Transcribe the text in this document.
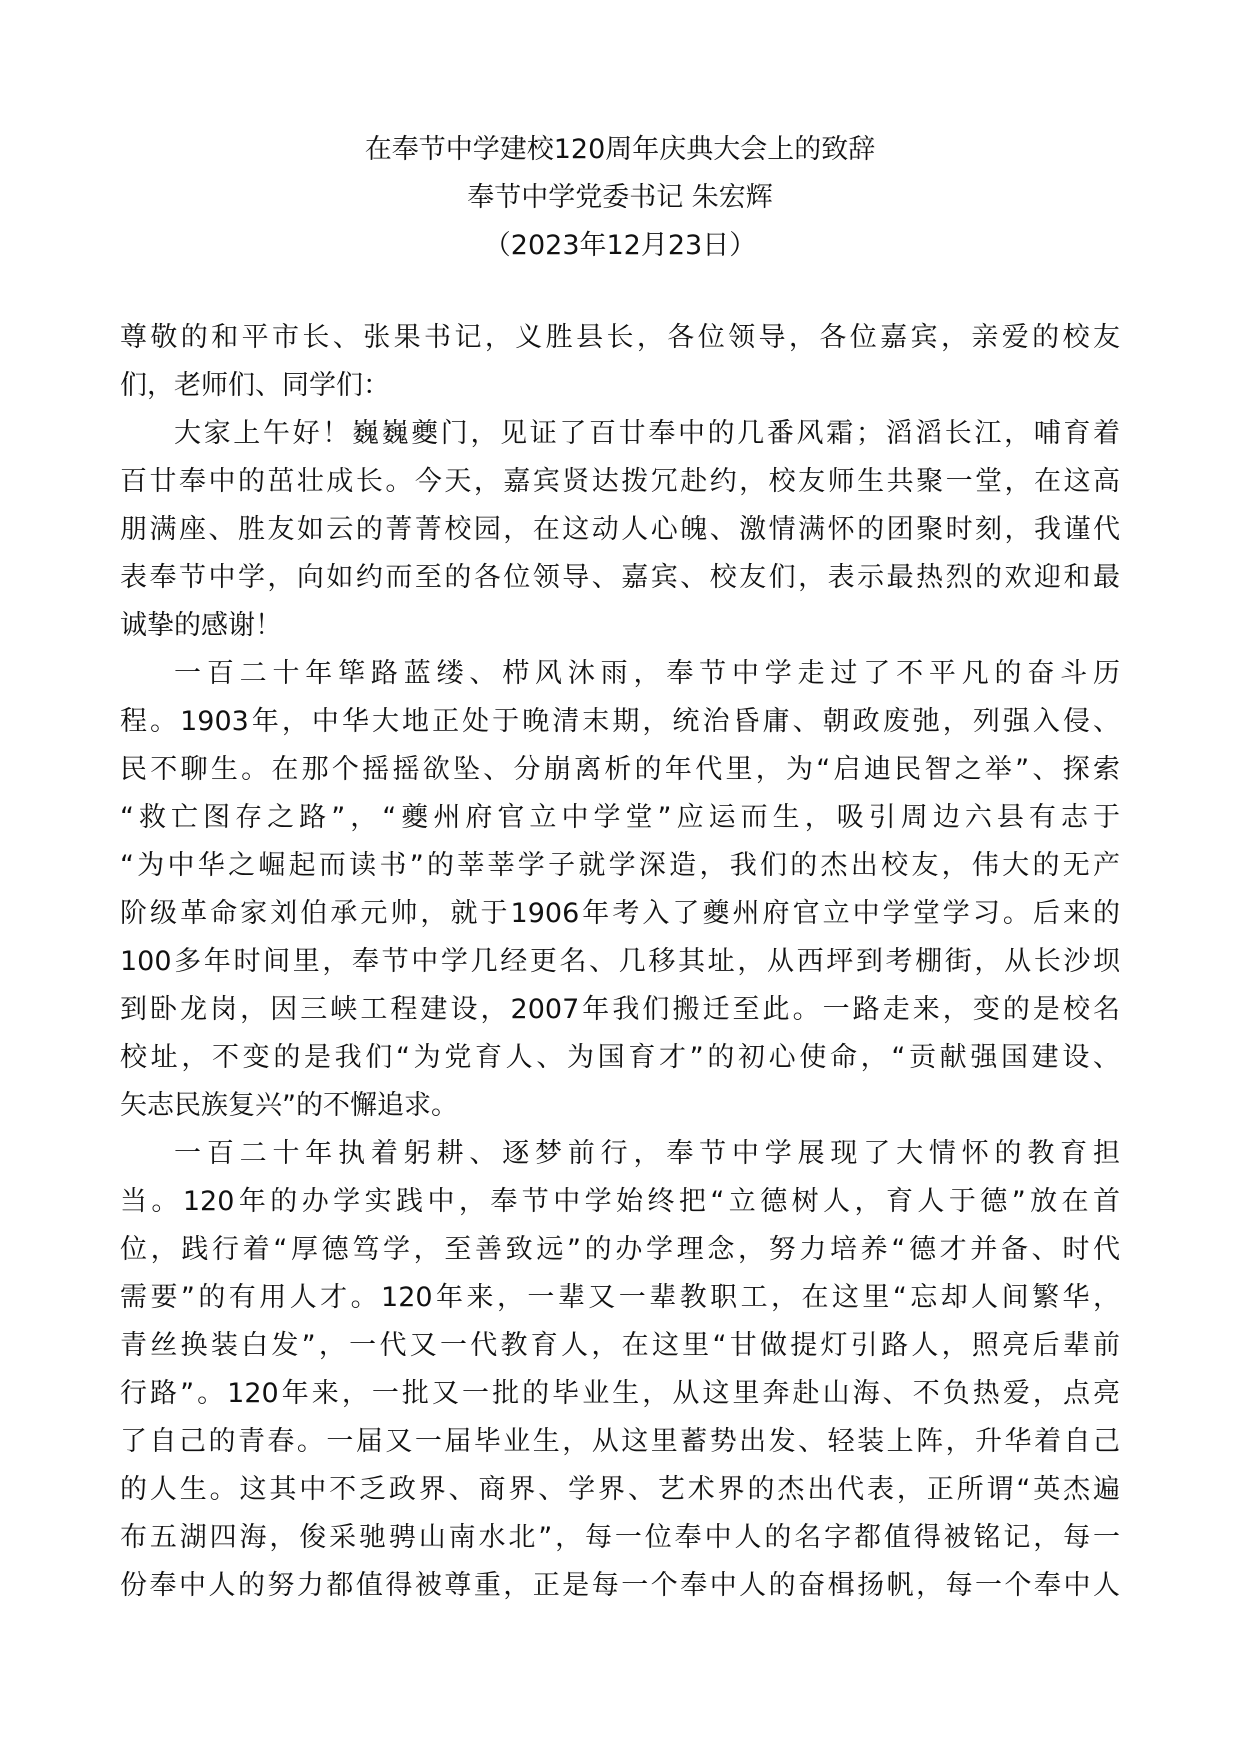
在奉节中学建校120周年庆典大会上的致辞
奉节中学党委书记 朱宏辉
（2023年12月23日）

尊敬的和平市长、张果书记，义胜县长，各位领导，各位嘉宾，亲爱的校友
们，老师们、同学们：

大家上午好！巍巍夔门，见证了百廿奉中的几番风霜；滔滔长江，哺育着
百廿奉中的茁壮成长。今天，嘉宾贤达拨冗赴约，校友师生共聚一堂，在这高
朋满座、胜友如云的菁菁校园，在这动人心魄、激情满怀的团聚时刻，我谨代
表奉节中学，向如约而至的各位领导、嘉宾、校友们，表示最热烈的欢迎和最
诚挚的感谢！

一百二十年筚路蓝缕、栉风沐雨，奉节中学走过了不平凡的奋斗历
程。1903年，中华大地正处于晚清末期，统治昏庸、朝政废弛，列强入侵、
民不聊生。在那个摇摇欲坠、分崩离析的年代里，为“启迪民智之举”、探索
“救亡图存之路”，“夔州府官立中学堂”应运而生，吸引周边六县有志于
“为中华之崛起而读书”的莘莘学子就学深造，我们的杰出校友，伟大的无产
阶级革命家刘伯承元帅，就于1906年考入了夔州府官立中学堂学习。后来的
100多年时间里，奉节中学几经更名、几移其址，从西坪到考棚街，从长沙坝
到卧龙岗，因三峡工程建设，2007年我们搬迁至此。一路走来，变的是校名
校址，不变的是我们“为党育人、为国育才”的初心使命，“贡献强国建设、
矢志民族复兴”的不懈追求。

一百二十年执着躬耕、逐梦前行，奉节中学展现了大情怀的教育担
当。120年的办学实践中，奉节中学始终把“立德树人，育人于德”放在首
位，践行着“厚德笃学，至善致远”的办学理念，努力培养“德才并备、时代
需要”的有用人才。120年来，一辈又一辈教职工，在这里“忘却人间繁华，
青丝换装白发”，一代又一代教育人，在这里“甘做提灯引路人，照亮后辈前
行路”。120年来，一批又一批的毕业生，从这里奔赴山海、不负热爱，点亮
了自己的青春。一届又一届毕业生，从这里蓄势出发、轻装上阵，升华着自己
的人生。这其中不乏政界、商界、学界、艺术界的杰出代表，正所谓“英杰遍
布五湖四海，俊采驰骋山南水北”，每一位奉中人的名字都值得被铭记，每一
份奉中人的努力都值得被尊重，正是每一个奉中人的奋楫扬帆，每一个奉中人
